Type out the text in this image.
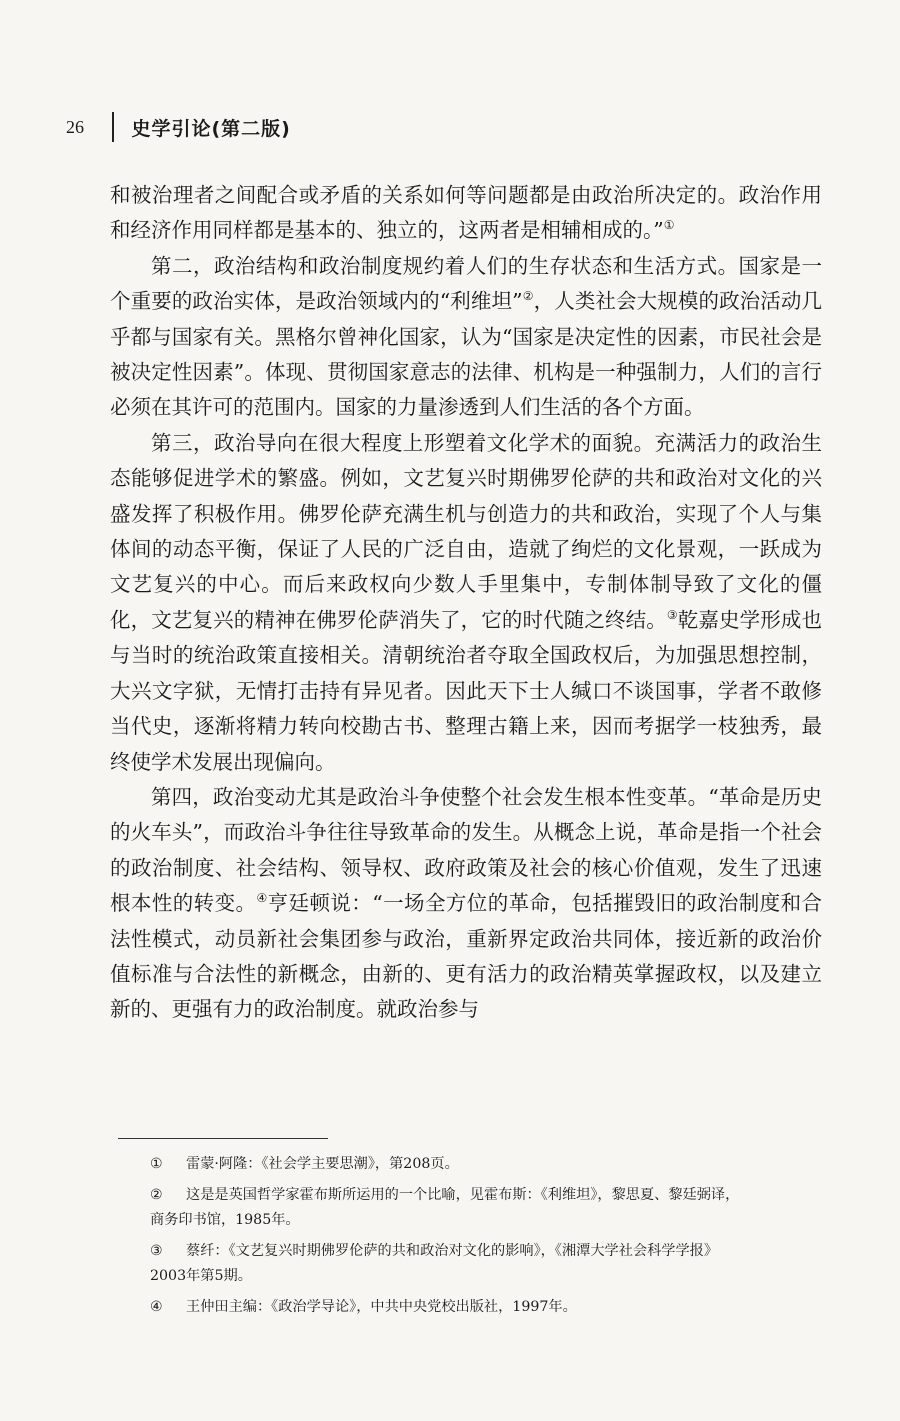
26	史学引论(第二版)

和被治理者之间配合或矛盾的关系如何等问题都是由政治所决定的。政治作用和经济作用同样都是基本的、独立的，这两者是相辅相成的。”①

第二，政治结构和政治制度规约着人们的生存状态和生活方式。国家是一个重要的政治实体，是政治领域内的“利维坦”②，人类社会大规模的政治活动几乎都与国家有关。黑格尔曾神化国家，认为“国家是决定性的因素，市民社会是被决定性因素”。体现、贯彻国家意志的法律、机构是一种强制力，人们的言行必须在其许可的范围内。国家的力量渗透到人们生活的各个方面。

第三，政治导向在很大程度上形塑着文化学术的面貌。充满活力的政治生态能够促进学术的繁盛。例如，文艺复兴时期佛罗伦萨的共和政治对文化的兴盛发挥了积极作用。佛罗伦萨充满生机与创造力的共和政治，实现了个人与集体间的动态平衡，保证了人民的广泛自由，造就了绚烂的文化景观，一跃成为文艺复兴的中心。而后来政权向少数人手里集中，专制体制导致了文化的僵化，文艺复兴的精神在佛罗伦萨消失了，它的时代随之终结。③乾嘉史学形成也与当时的统治政策直接相关。清朝统治者夺取全国政权后，为加强思想控制，大兴文字狱，无情打击持有异见者。因此天下士人缄口不谈国事，学者不敢修当代史，逐渐将精力转向校勘古书、整理古籍上来，因而考据学一枝独秀，最终使学术发展出现偏向。

第四，政治变动尤其是政治斗争使整个社会发生根本性变革。“革命是历史的火车头”，而政治斗争往往导致革命的发生。从概念上说，革命是指一个社会的政治制度、社会结构、领导权、政府政策及社会的核心价值观，发生了迅速根本性的转变。④亨廷顿说：“一场全方位的革命，包括摧毁旧的政治制度和合法性模式，动员新社会集团参与政治，重新界定政治共同体，接近新的政治价值标准与合法性的新概念，由新的、更有活力的政治精英掌握政权，以及建立新的、更强有力的政治制度。就政治参与

①	雷蒙·阿隆：《社会学主要思潮》，第208页。
②	这是是英国哲学家霍布斯所运用的一个比喻，见霍布斯：《利维坦》，黎思夏、黎廷弼译，
商务印书馆，1985年。
③	蔡纤：《文艺复兴时期佛罗伦萨的共和政治对文化的影响》，《湘潭大学社会科学学报》
2003年第5期。
④	王仲田主编：《政治学导论》，中共中央党校出版社，1997年。
